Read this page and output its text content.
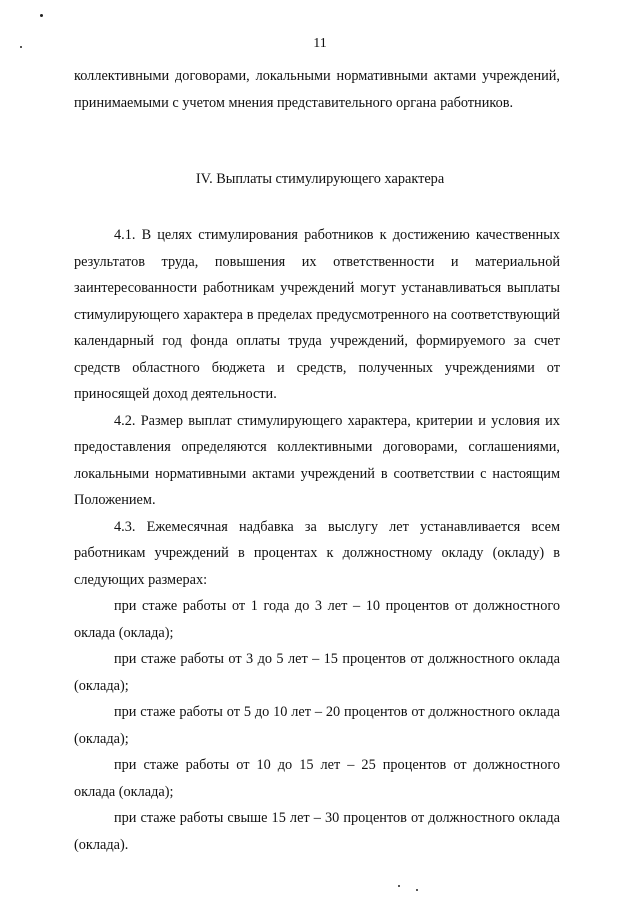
11

коллективными договорами, локальными нормативными актами учреждений, принимаемыми с учетом мнения представительного органа работников.

IV. Выплаты стимулирующего характера

4.1. В целях стимулирования работников к достижению качественных результатов труда, повышения их ответственности и материальной заинтересованности работникам учреждений могут устанавливаться выплаты стимулирующего характера в пределах предусмотренного на соответствующий календарный год фонда оплаты труда учреждений, формируемого за счет средств областного бюджета и средств, полученных учреждениями от приносящей доход деятельности.

4.2. Размер выплат стимулирующего характера, критерии и условия их предоставления определяются коллективными договорами, соглашениями, локальными нормативными актами учреждений в соответствии с настоящим Положением.

4.3. Ежемесячная надбавка за выслугу лет устанавливается всем работникам учреждений в процентах к должностному окладу (окладу) в следующих размерах:

при стаже работы от 1 года до 3 лет – 10 процентов от должностного оклада (оклада);

при стаже работы от 3 до 5 лет – 15 процентов от должностного оклада (оклада);

при стаже работы от 5 до 10 лет – 20 процентов от должностного оклада (оклада);

при стаже работы от 10 до 15 лет – 25 процентов от должностного оклада (оклада);

при стаже работы свыше 15 лет – 30 процентов от должностного оклада (оклада).
